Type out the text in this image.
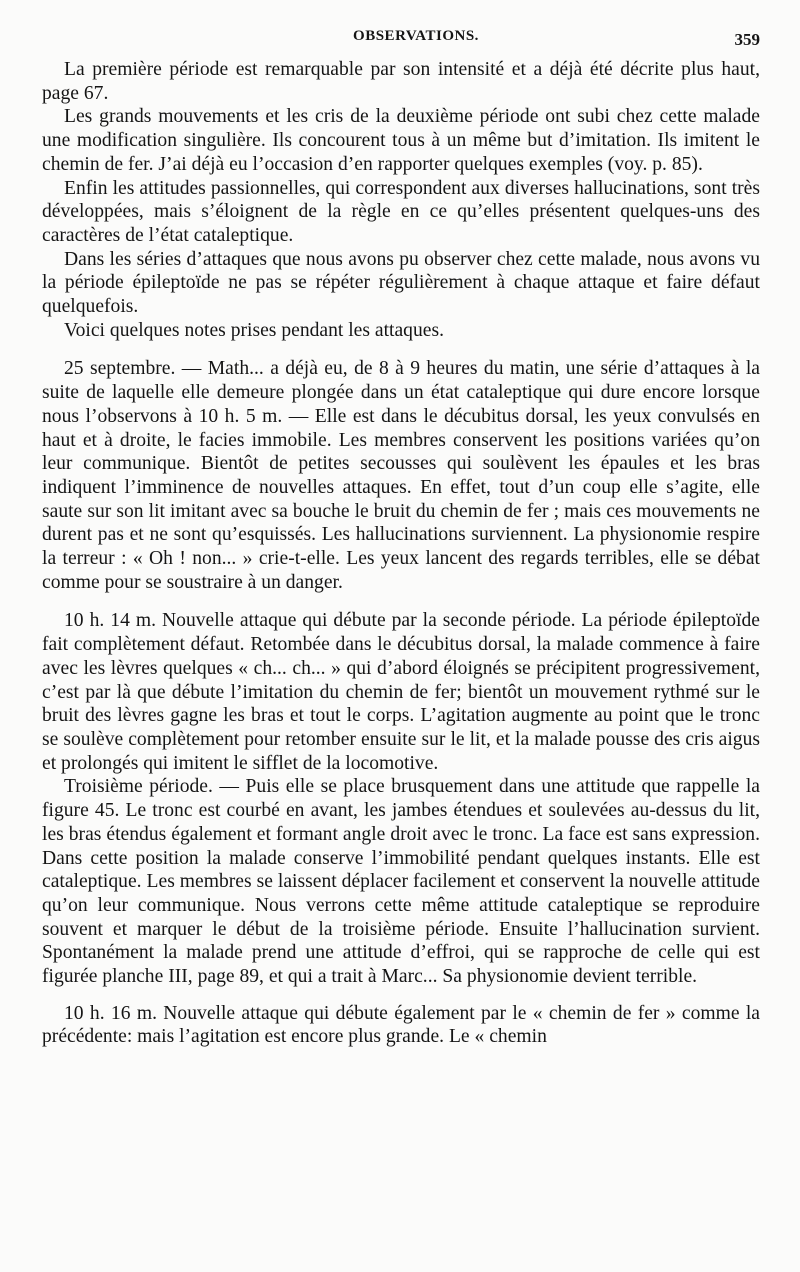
OBSERVATIONS.	359

La première période est remarquable par son intensité et a déjà été décrite plus haut, page 67.

Les grands mouvements et les cris de la deuxième période ont subi chez cette malade une modification singulière. Ils concourent tous à un même but d’imitation. Ils imitent le chemin de fer. J’ai déjà eu l’occasion d’en rapporter quelques exemples (voy. p. 85).

Enfin les attitudes passionnelles, qui correspondent aux diverses hallucinations, sont très développées, mais s’éloignent de la règle en ce qu’elles présentent quelques-uns des caractères de l’état cataleptique.

Dans les séries d’attaques que nous avons pu observer chez cette malade, nous avons vu la période épileptoïde ne pas se répéter régulièrement à chaque attaque et faire défaut quelquefois.

Voici quelques notes prises pendant les attaques.

25 septembre. — Math... a déjà eu, de 8 à 9 heures du matin, une série d’attaques à la suite de laquelle elle demeure plongée dans un état cataleptique qui dure encore lorsque nous l’observons à 10 h. 5 m. — Elle est dans le décubitus dorsal, les yeux convulsés en haut et à droite, le facies immobile. Les membres conservent les positions variées qu’on leur communique. Bientôt de petites secousses qui soulèvent les épaules et les bras indiquent l’imminence de nouvelles attaques. En effet, tout d’un coup elle s’agite, elle saute sur son lit imitant avec sa bouche le bruit du chemin de fer ; mais ces mouvements ne durent pas et ne sont qu’esquissés. Les hallucinations surviennent. La physionomie respire la terreur : « Oh ! non... » crie-t-elle. Les yeux lancent des regards terribles, elle se débat comme pour se soustraire à un danger.

10 h. 14 m. Nouvelle attaque qui débute par la seconde période. La période épileptoïde fait complètement défaut. Retombée dans le décubitus dorsal, la malade commence à faire avec les lèvres quelques « ch... ch... » qui d’abord éloignés se précipitent progressivement, c’est par là que débute l’imitation du chemin de fer; bientôt un mouvement rythmé sur le bruit des lèvres gagne les bras et tout le corps. L’agitation augmente au point que le tronc se soulève complètement pour retomber ensuite sur le lit, et la malade pousse des cris aigus et prolongés qui imitent le sifflet de la locomotive.

Troisième période. — Puis elle se place brusquement dans une attitude que rappelle la figure 45. Le tronc est courbé en avant, les jambes étendues et soulevées au-dessus du lit, les bras étendus également et formant angle droit avec le tronc. La face est sans expression. Dans cette position la malade conserve l’immobilité pendant quelques instants. Elle est cataleptique. Les membres se laissent déplacer facilement et conservent la nouvelle attitude qu’on leur communique. Nous verrons cette même attitude cataleptique se reproduire souvent et marquer le début de la troisième période. Ensuite l’hallucination survient. Spontanément la malade prend une attitude d’effroi, qui se rapproche de celle qui est figurée planche III, page 89, et qui a trait à Marc... Sa physionomie devient terrible.

10 h. 16 m. Nouvelle attaque qui débute également par le « chemin de fer » comme la précédente: mais l’agitation est encore plus grande. Le « chemin
